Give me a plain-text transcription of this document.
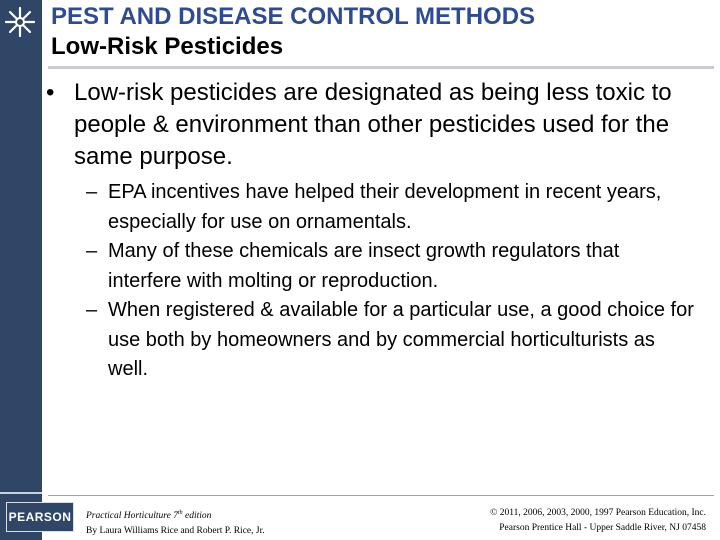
PEST AND DISEASE CONTROL METHODS
Low-Risk Pesticides
• Low-risk pesticides are designated as being less toxic to people & environment than other pesticides used for the same purpose.
– EPA incentives have helped their development in recent years, especially for use on ornamentals.
– Many of these chemicals are insect growth regulators that interfere with molting or reproduction.
– When registered & available for a particular use, a good choice for use both by homeowners and by commercial horticulturists as well.
PEARSON Practical Horticulture 7th edition
By Laura Williams Rice and Robert P. Rice, Jr.
© 2011, 2006, 2003, 2000, 1997 Pearson Education, Inc.
Pearson Prentice Hall - Upper Saddle River, NJ 07458
